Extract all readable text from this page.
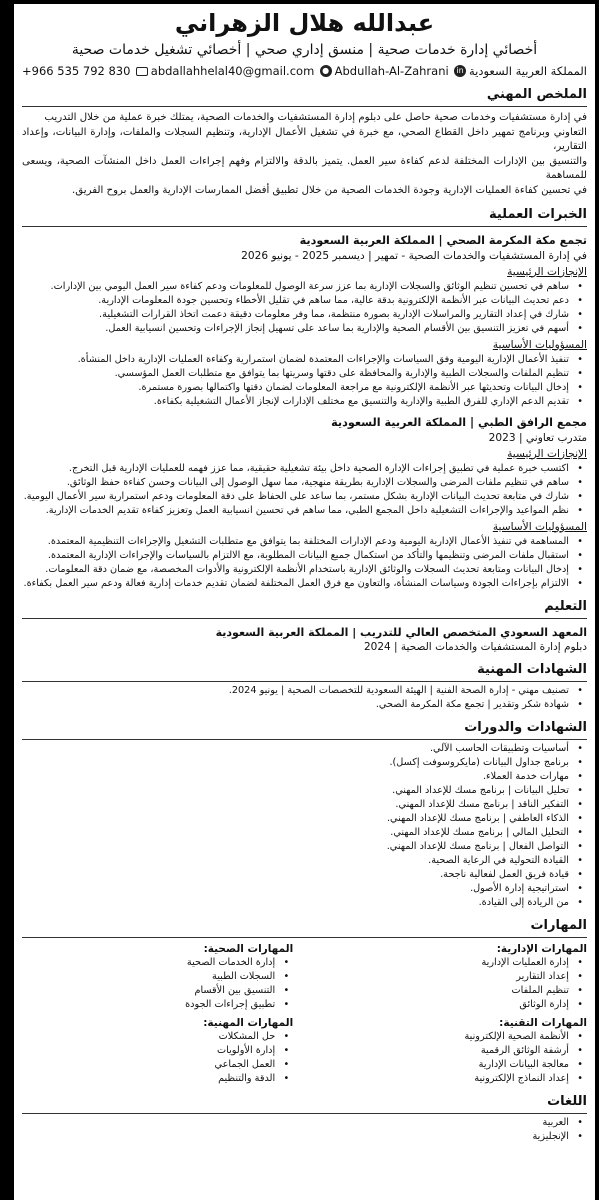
عبدالله هلال الزهراني
أخصائي إدارة خدمات صحية | منسق إداري صحي | أخصائي تشغيل خدمات صحية
+966 535 792 830 abdallahhelal40@gmail.com ● Abdullah-Al-Zahrani المملكة العربية السعودية
in
الملخص المهني
في إدارة مستشفيات وخدمات صحية حاصل على دبلوم إدارة المستشفيات والخدمات الصحية، يمتلك خبرة عملية من خلال التدريب
التعاوني وبرنامج تمهير داخل القطاع الصحي، مع خبرة في تشغيل الأعمال الإدارية، وتنظيم السجلات والملفات، وإدارة البيانات، وإعداد التقارير،
والتنسيق بين الإدارات المختلفة لدعم كفاءة سير العمل. يتميز بالدقة والالتزام وفهم إجراءات العمل داخل المنشآت الصحية، ويسعى للمساهمة
في تحسين كفاءة العمليات الإدارية وجودة الخدمات الصحية من خلال تطبيق أفضل الممارسات الإدارية والعمل بروح الفريق.
الخبرات العملية
تجمع مكة المكرمة الصحي | المملكة العربية السعودية
في إدارة المستشفيات والخدمات الصحية - تمهير | ديسمبر 2025 - يونيو 2026
الإنجازات الرئيسية
• ساهم في تحسين تنظيم الوثائق والسجلات الإدارية بما عزز سرعة الوصول للمعلومات ودعم كفاءة سير العمل اليومي بين الإدارات.
• دعم تحديث البيانات عبر الأنظمة الإلكترونية بدقة عالية، مما ساهم في تقليل الأخطاء وتحسين جودة المعلومات الإدارية.
• شارك في إعداد التقارير والمراسلات الإدارية بصورة منتظمة، مما وفر معلومات دقيقة دعمت اتخاذ القرارات التشغيلية.
• أسهم في تعزيز التنسيق بين الأقسام الصحية والإدارية بما ساعد على تسهيل إنجاز الإجراءات وتحسين انسيابية العمل.
المسؤوليات الأساسية
• تنفيذ الأعمال الإدارية اليومية وفق السياسات والإجراءات المعتمدة لضمان استمرارية وكفاءة العمليات الإدارية داخل المنشأة.
• تنظيم الملفات والسجلات الطبية والإدارية والمحافظة على دقتها وسريتها بما يتوافق مع متطلبات العمل المؤسسي.
• إدخال البيانات وتحديثها عبر الأنظمة الإلكترونية مع مراجعة المعلومات لضمان دقتها واكتمالها بصورة مستمرة.
• تقديم الدعم الإداري للفرق الطبية والإدارية والتنسيق مع مختلف الإدارات لإنجاز الأعمال التشغيلية بكفاءة.
مجمع الرافق الطبي | المملكة العربية السعودية
متدرب تعاوني | 2023
الإنجازات الرئيسية
• اكتسب خبرة عملية في تطبيق إجراءات الإدارة الصحية داخل بيئة تشغيلية حقيقية، مما عزز فهمه للعمليات الإدارية قبل التخرج.
• ساهم في تنظيم ملفات المرضى والسجلات الإدارية بطريقة منهجية، مما سهل الوصول إلى البيانات وحسن كفاءة حفظ الوثائق.
• شارك في متابعة تحديث البيانات الإدارية بشكل مستمر، بما ساعد على الحفاظ على دقة المعلومات ودعم استمرارية سير الأعمال اليومية.
• نظم المواعيد والإجراءات التشغيلية داخل المجمع الطبي، مما ساهم في تحسين انسيابية العمل وتعزيز كفاءة تقديم الخدمات الإدارية.
المسؤوليات الأساسية
• المساهمة في تنفيذ الأعمال الإدارية اليومية ودعم الإدارات المختلفة بما يتوافق مع متطلبات التشغيل والإجراءات التنظيمية المعتمدة.
• استقبال ملفات المرضى وتنظيمها والتأكد من استكمال جميع البيانات المطلوبة، مع الالتزام بالسياسات والإجراءات الإدارية المعتمدة.
• إدخال البيانات ومتابعة تحديث السجلات والوثائق الإدارية باستخدام الأنظمة الإلكترونية والأدوات المخصصة، مع ضمان دقة المعلومات.
• الالتزام بإجراءات الجودة وسياسات المنشأة، والتعاون مع فرق العمل المختلفة لضمان تقديم خدمات إدارية فعالة ودعم سير العمل بكفاءة.
التعليم
المعهد السعودي المتخصص العالي للتدريب | المملكة العربية السعودية
دبلوم إدارة المستشفيات والخدمات الصحية | 2024
الشهادات المهنية
• تصنيف مهني - إدارة الصحة الفنية | الهيئة السعودية للتخصصات الصحية | يونيو 2024.
• شهادة شكر وتقدير | تجمع مكة المكرمة الصحي.
الشهادات والدورات
• أساسيات وتطبيقات الحاسب الآلي.
• برنامج جداول البيانات (مايكروسوفت إكسل).
• مهارات خدمة العملاء.
• تحليل البيانات | برنامج مسك للإعداد المهني.
• التفكير الناقد | برنامج مسك للإعداد المهني.
• الذكاء العاطفي | برنامج مسك للإعداد المهني.
• التحليل المالي | برنامج مسك للإعداد المهني.
• التواصل الفعال | برنامج مسك للإعداد المهني.
• القيادة التحولية في الرعاية الصحية.
• قيادة فريق العمل لفعالية ناجحة.
• استراتيجية إدارة الأصول.
• من الريادة إلى القيادة.
المهارات
المهارات الإدارية:
• إدارة العمليات الإدارية
• إعداد التقارير
• تنظيم الملفات
• إدارة الوثائق
المهارات الصحية:
• إدارة الخدمات الصحية
• السجلات الطبية
• التنسيق بين الأقسام
• تطبيق إجراءات الجودة
المهارات التقنية:
• الأنظمة الصحية الإلكترونية
• أرشفة الوثائق الرقمية
• معالجة البيانات الإدارية
• إعداد النماذج الإلكترونية
المهارات المهنية:
• حل المشكلات
• إدارة الأولويات
• العمل الجماعي
• الدقة والتنظيم
اللغات
• العربية
• الإنجليزية
